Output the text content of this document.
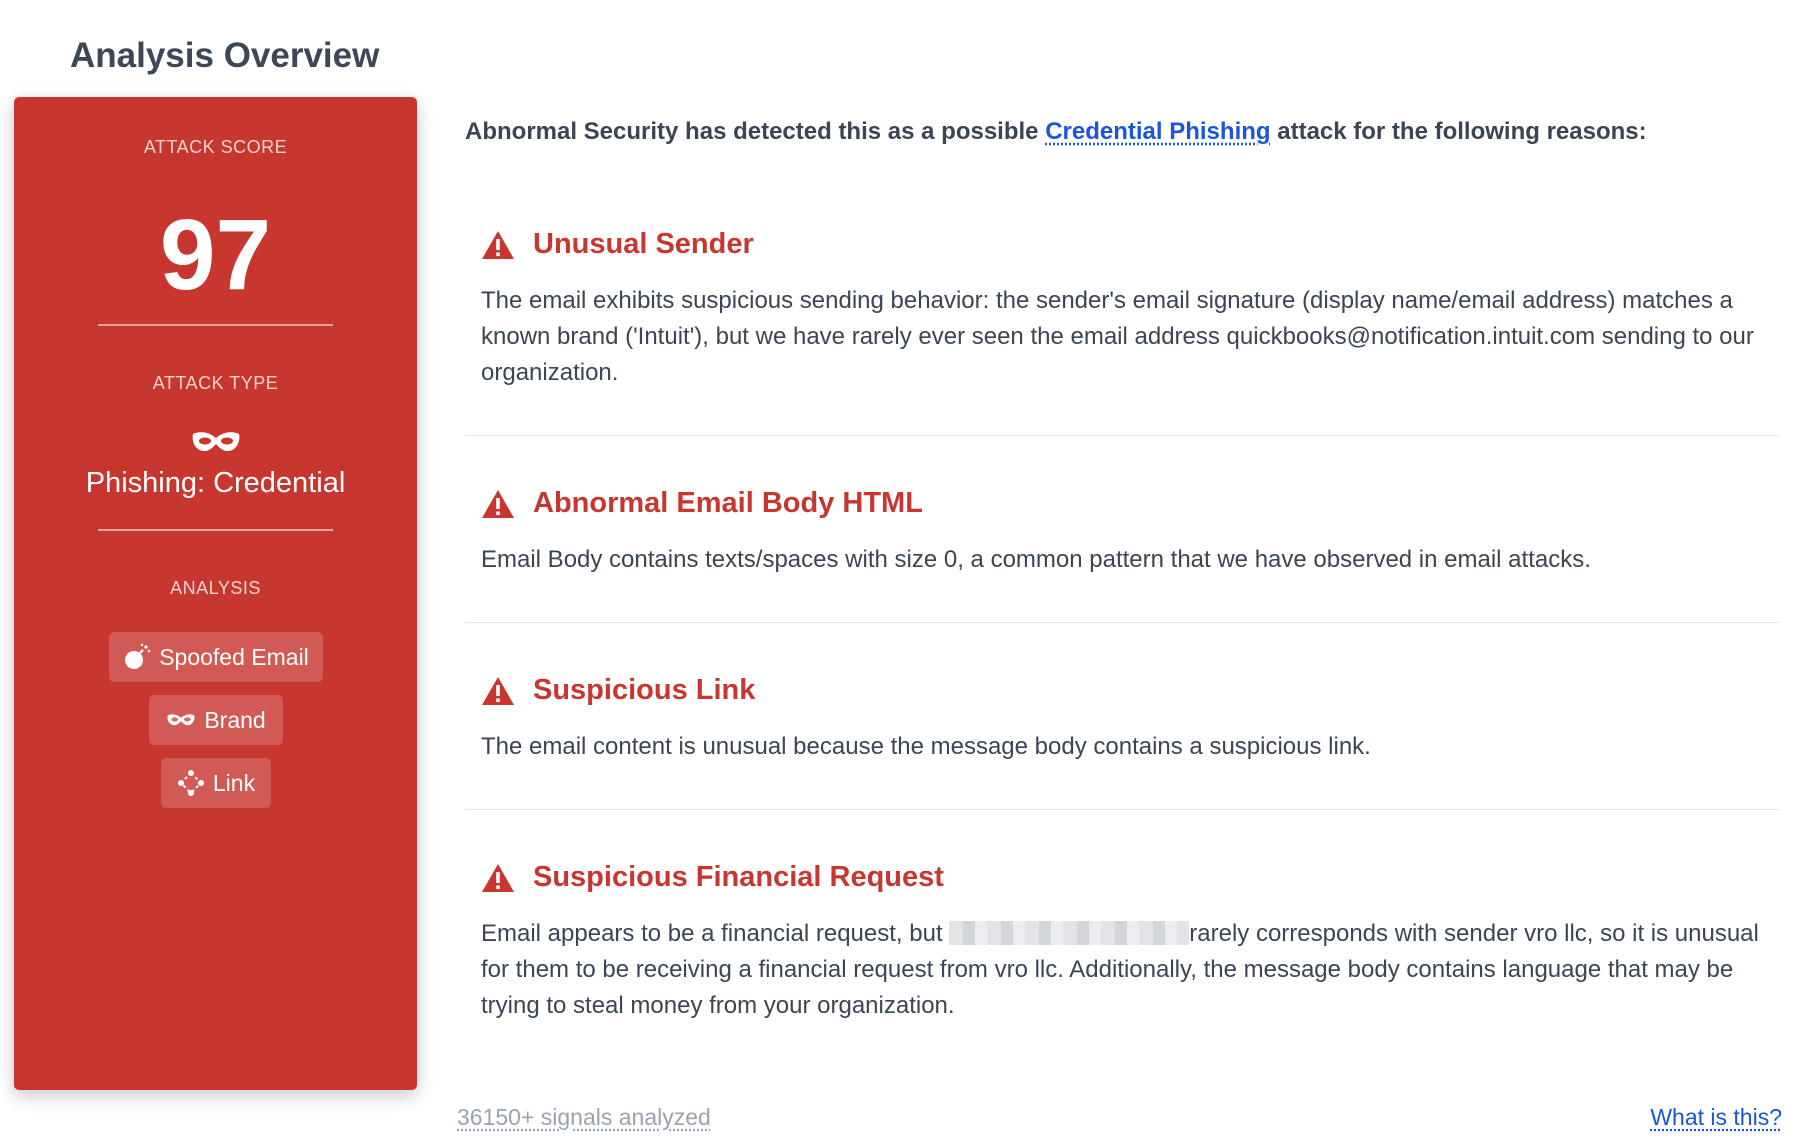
Analysis Overview
ATTACK SCORE
97
ATTACK TYPE
Phishing: Credential
ANALYSIS
Spoofed Email
Brand
Link
Abnormal Security has detected this as a possible Credential Phishing attack for the following reasons:
Unusual Sender
The email exhibits suspicious sending behavior: the sender's email signature (display name/email address) matches a known brand ('Intuit'), but we have rarely ever seen the email address quickbooks@notification.intuit.com sending to our organization.
Abnormal Email Body HTML
Email Body contains texts/spaces with size 0, a common pattern that we have observed in email attacks.
Suspicious Link
The email content is unusual because the message body contains a suspicious link.
Suspicious Financial Request
Email appears to be a financial request, but	rarely corresponds with sender vro llc, so it is unusual for them to be receiving a financial request from vro llc. Additionally, the message body contains language that may be trying to steal money from your organization.
36150+ signals analyzed	What is this?
